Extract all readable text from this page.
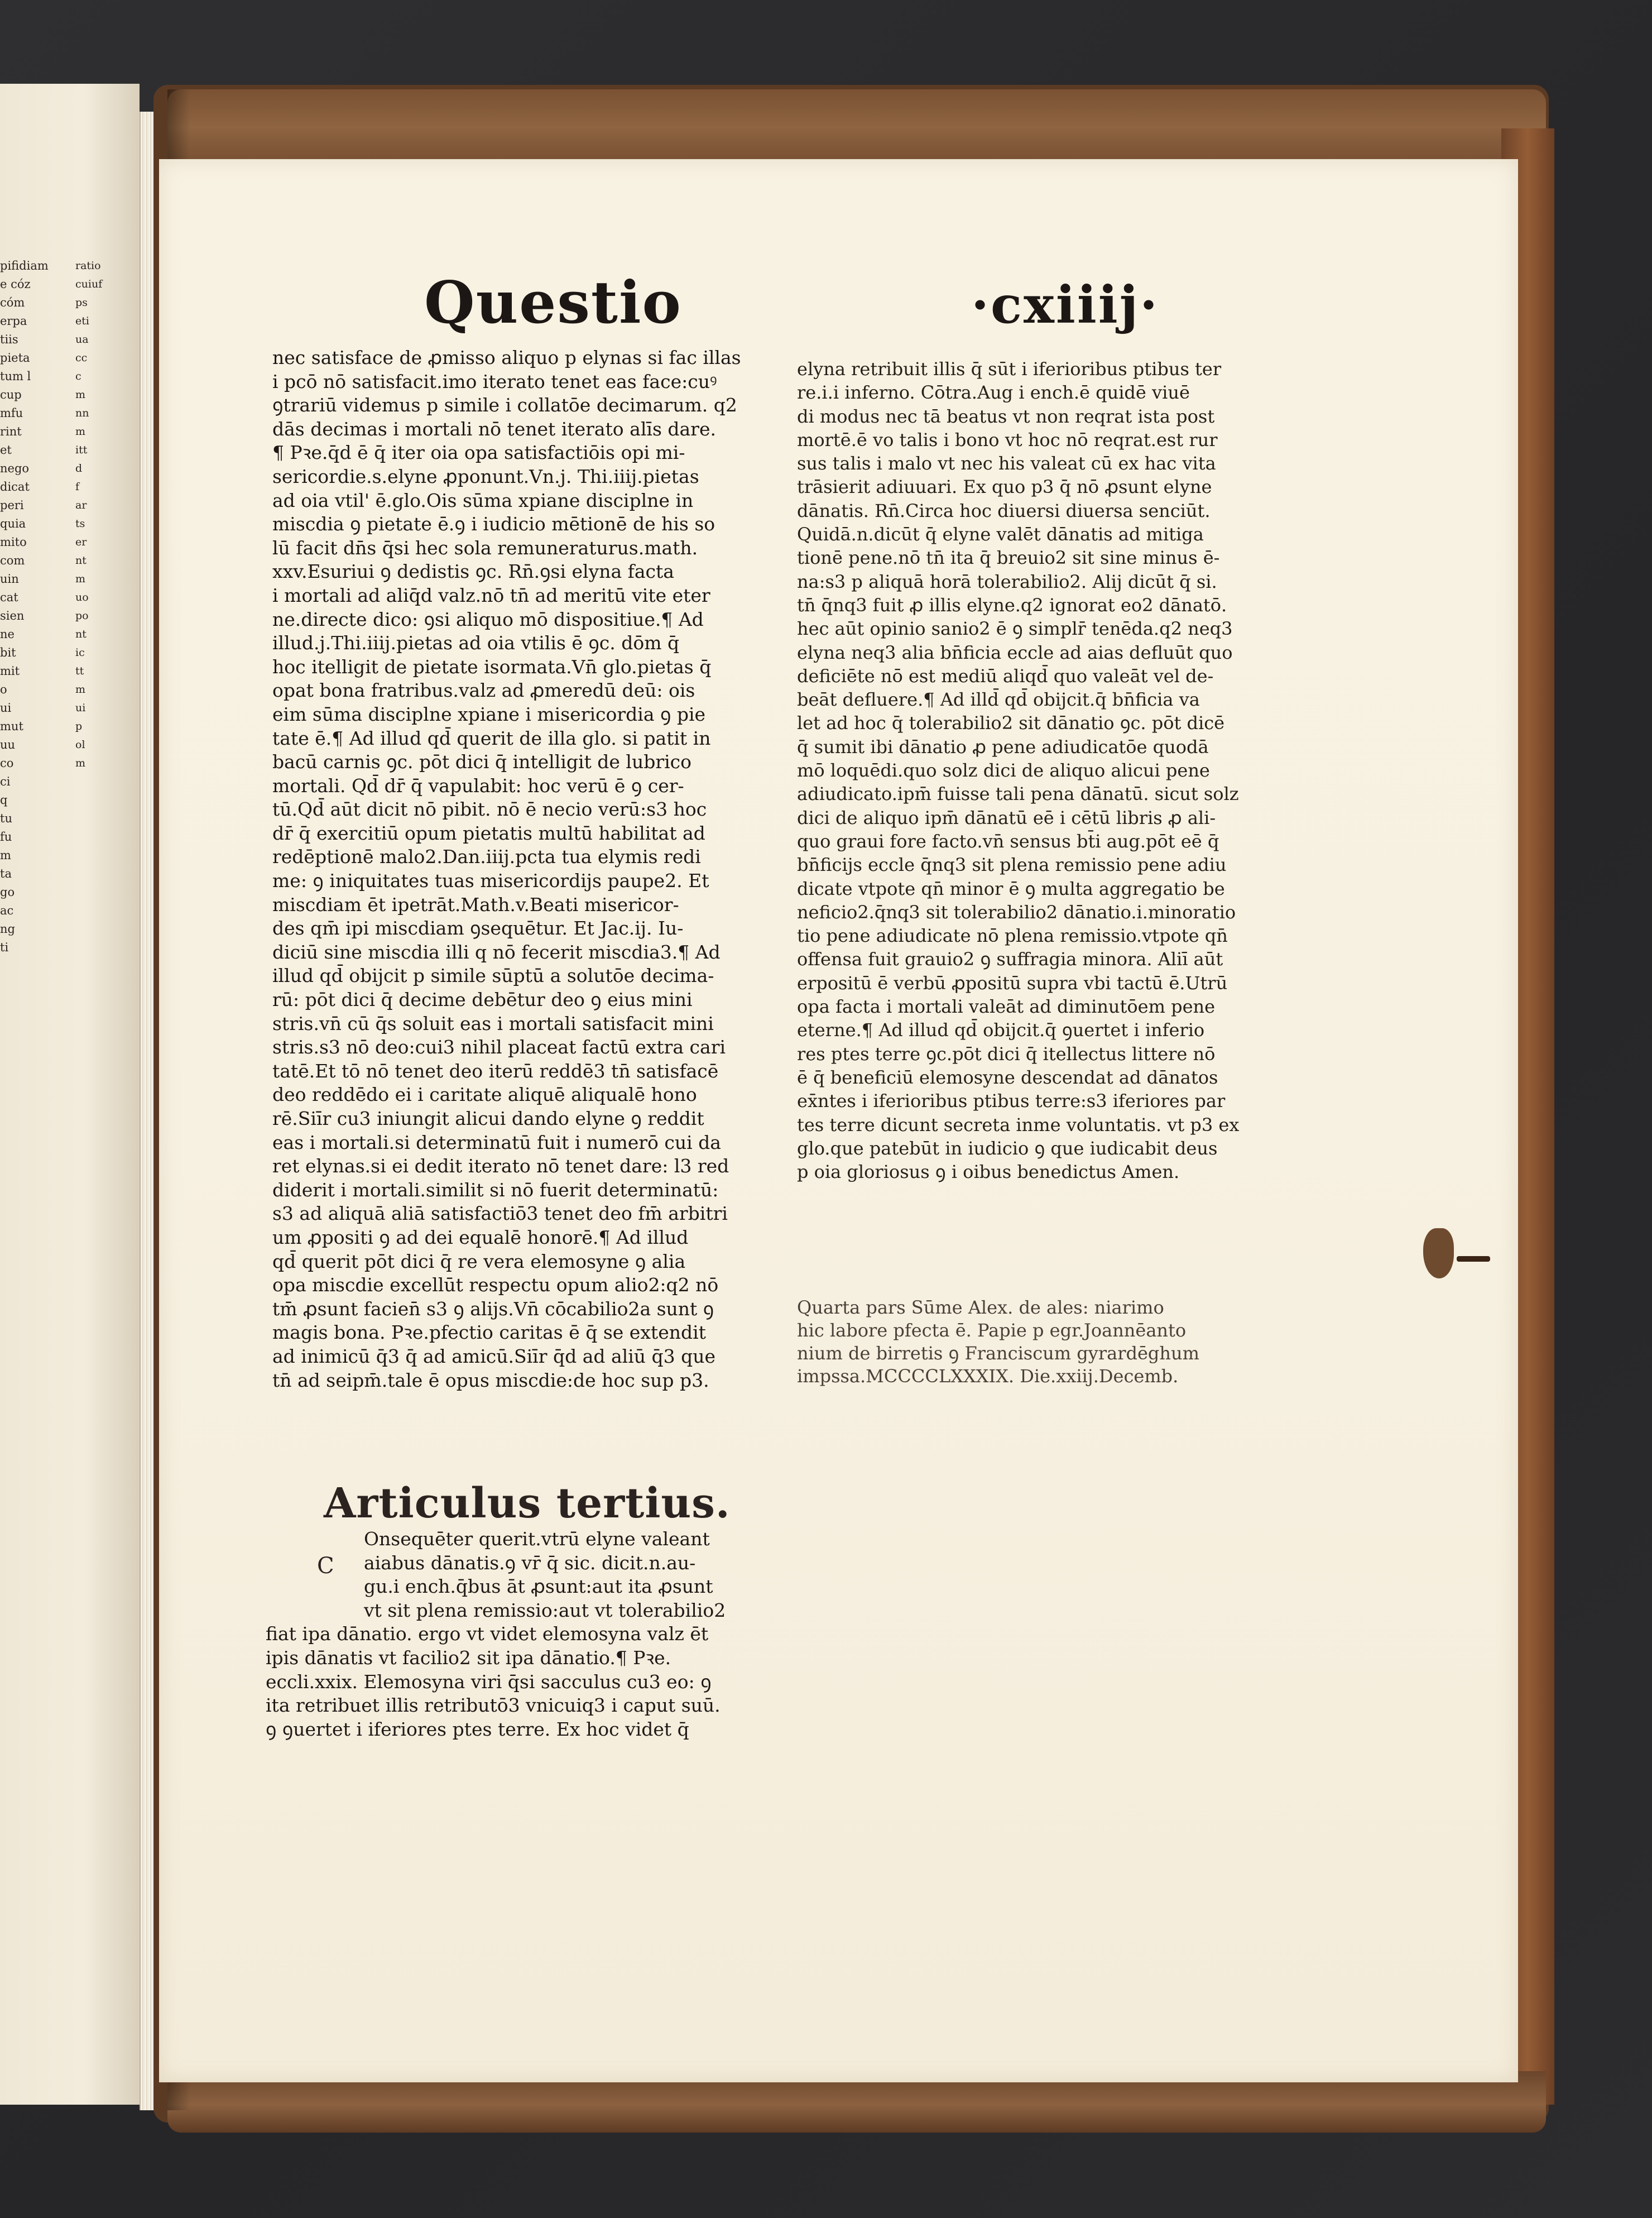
pifidiam
e cóz
cóm
erpa
tiis
pieta
tum l
cup
mfu
rint
et
nego
dicat
peri
quia
mito
com
uin
cat
sien
ne
bit
mit
o
ui
mut
uu
co
ci
q
tu
fu
m
ta
go
ac
ng
ti
ratio
cuiuf
ps
eti
ua
cc
c
m
nn
m
itt
d
f
ar
ts
er
nt
m
uo
po
nt
ic
tt
m
ui
p
ol
m
Questio	·cxiiij·
nec satisface de ꝓmisso aliquo p elynas si fac illas
i pcō nō satisfacit.imo iterato tenet eas face:cuꝰ
ꝯtrariū videmus p simile i collatōe decimarum. q2
dās decimas i mortali nō tenet iterato alīs dare.
¶ Pꝛe.q̄d ē q̄ iter oia opa satisfactiōis opi mi-
sericordie.s.elyne ꝓponunt.Vn.j. Thi.iiij.pietas
ad oia vtil' ē.glo.Ois sūma xpiane disciplne in
miscdia ꝯ pietate ē.ꝯ i iudicio mētionē de his so
lū facit dn̄s q̄si hec sola remuneraturus.math.
xxv.Esuriui ꝯ dedistis ꝯc. Rn̄.ꝯsi elyna facta
i mortali ad aliq̄d valz.nō tn̄ ad meritū vite eter
ne.directe dico: ꝯsi aliquo mō dispositiue.¶ Ad
illud.j.Thi.iiij.pietas ad oia vtilis ē ꝯc. dōm q̄
hoc itelligit de pietate isormata.Vn̄ glo.pietas q̄
opat bona fratribus.valz ad ꝓmeredū deū: ois
eim sūma disciplne xpiane i misericordia ꝯ pie
tate ē.¶ Ad illud qd̄ querit de illa glo. si patit in
bacū carnis ꝯc. pōt dici q̄ intelligit de lubrico
mortali. Qd̄ dr̄ q̄ vapulabit: hoc verū ē ꝯ cer-
tū.Qd̄ aūt dicit nō pibit. nō ē necio verū:s3 hoc
dr̄ q̄ exercitiū opum pietatis multū habilitat ad
redēptionē malo2.Dan.iiij.pcta tua elymis redi
me: ꝯ iniquitates tuas misericordijs paupe2. Et
miscdiam ēt ipetrāt.Math.v.Beati misericor-
des qm̄ ipi miscdiam ꝯsequētur. Et Jac.ij. Iu-
diciū sine miscdia illi q nō fecerit miscdia3.¶ Ad
illud qd̄ obijcit p simile sūptū a solutōe decima-
rū: pōt dici q̄ decime debētur deo ꝯ eius mini
stris.vn̄ cū q̄s soluit eas i mortali satisfacit mini
stris.s3 nō deo:cui3 nihil placeat factū extra cari
tatē.Et tō nō tenet deo iterū reddē3 tn̄ satisfacē
deo reddēdo ei i caritate aliquē aliqualē hono
rē.Siīr cu3 iniungit alicui dando elyne ꝯ reddit
eas i mortali.si determinatū fuit i numerō cui da
ret elynas.si ei dedit iterato nō tenet dare: l3 red
diderit i mortali.similit si nō fuerit determinatū:
s3 ad aliquā aliā satisfactiō3 tenet deo fm̄ arbitri
um ꝓpositi ꝯ ad dei equalē honorē.¶ Ad illud
qd̄ querit pōt dici q̄ re vera elemosyne ꝯ alia
opa miscdie excellūt respectu opum alio2:q2 nō
tm̄ ꝓsunt facien̄ s3 ꝯ alijs.Vn̄ cōcabilio2a sunt ꝯ
magis bona. Pꝛe.pfectio caritas ē q̄ se extendit
ad inimicū q̄3 q̄ ad amicū.Siīr q̄d ad aliū q̄3 que
tn̄ ad seipm̄.tale ē opus miscdie:de hoc sup p3.
Articulus tertius.
C
Onsequēter querit.vtrū elyne valeant
aiabus dānatis.ꝯ vr̄ q̄ sic. dicit.n.au-
gu.i ench.q̄bus āt ꝓsunt:aut ita ꝓsunt
vt sit plena remissio:aut vt tolerabilio2
fiat ipa dānatio. ergo vt videt elemosyna valz ēt
ipis dānatis vt facilio2 sit ipa dānatio.¶ Pꝛe.
eccli.xxix. Elemosyna viri q̄si sacculus cu3 eo: ꝯ
ita retribuet illis retributō3 vnicuiq3 i caput suū.
ꝯ ꝯuertet i iferiores ptes terre. Ex hoc videt q̄
elyna retribuit illis q̄ sūt i iferioribus ptibus ter
re.i.i inferno. Cōtra.Aug i ench.ē quidē viuē
di modus nec tā beatus vt non reqrat ista post
mortē.ē vo talis i bono vt hoc nō reqrat.est rur
sus talis i malo vt nec his valeat cū ex hac vita
trāsierit adiuuari. Ex quo p3 q̄ nō ꝓsunt elyne
dānatis. Rn̄.Circa hoc diuersi diuersa senciūt.
Quidā.n.dicūt q̄ elyne valēt dānatis ad mitiga
tionē pene.nō tn̄ ita q̄ breuio2 sit sine minus ē-
na:s3 p aliquā horā tolerabilio2. Alij dicūt q̄ si.
tn̄ q̄nq3 fuit ꝓ illis elyne.q2 ignorat eo2 dānatō.
hec aūt opinio sanio2 ē ꝯ simplr̄ tenēda.q2 neq3
elyna neq3 alia bn̄ficia eccle ad aias defluūt quo
deficiēte nō est mediū aliqd̄ quo valeāt vel de-
beāt defluere.¶ Ad illd̄ qd̄ obijcit.q̄ bn̄ficia va
let ad hoc q̄ tolerabilio2 sit dānatio ꝯc. pōt dicē
q̄ sumit ibi dānatio ꝓ pene adiudicatōe quodā
mō loquēdi.quo solz dici de aliquo alicui pene
adiudicato.ipm̄ fuisse tali pena dānatū. sicut solz
dici de aliquo ipm̄ dānatū eē i cētū libris ꝓ ali-
quo graui fore facto.vn̄ sensus bt̄i aug.pōt eē q̄
bn̄ficijs eccle q̄nq3 sit plena remissio pene adiu
dicate vtpote qn̄ minor ē ꝯ multa aggregatio be
neficio2.q̄nq3 sit tolerabilio2 dānatio.i.minoratio
tio pene adiudicate nō plena remissio.vtpote qn̄
offensa fuit grauio2 ꝯ suffragia minora. Aliī aūt
erpositū ē verbū ꝓpositū supra vbi tactū ē.Utrū
opa facta i mortali valeāt ad diminutōem pene
eterne.¶ Ad illud qd̄ obijcit.q̄ ꝯuertet i inferio
res ptes terre ꝯc.pōt dici q̄ itellectus littere nō
ē q̄ beneficiū elemosyne descendat ad dānatos
ex̄ntes i iferioribus ptibus terre:s3 iferiores par
tes terre dicunt secreta inme voluntatis. vt p3 ex
glo.que patebūt in iudicio ꝯ que iudicabit deus
p oia gloriosus ꝯ i oibus benedictus Amen.
Quarta pars Sūme Alex. de ales: niarimo
hic labore pfecta ē. Papie p egr.Joannēanto
nium de birretis ꝯ Franciscum gyrardēghum
impssa.MCCCCLXXXIX. Die.xxiij.Decemb.
